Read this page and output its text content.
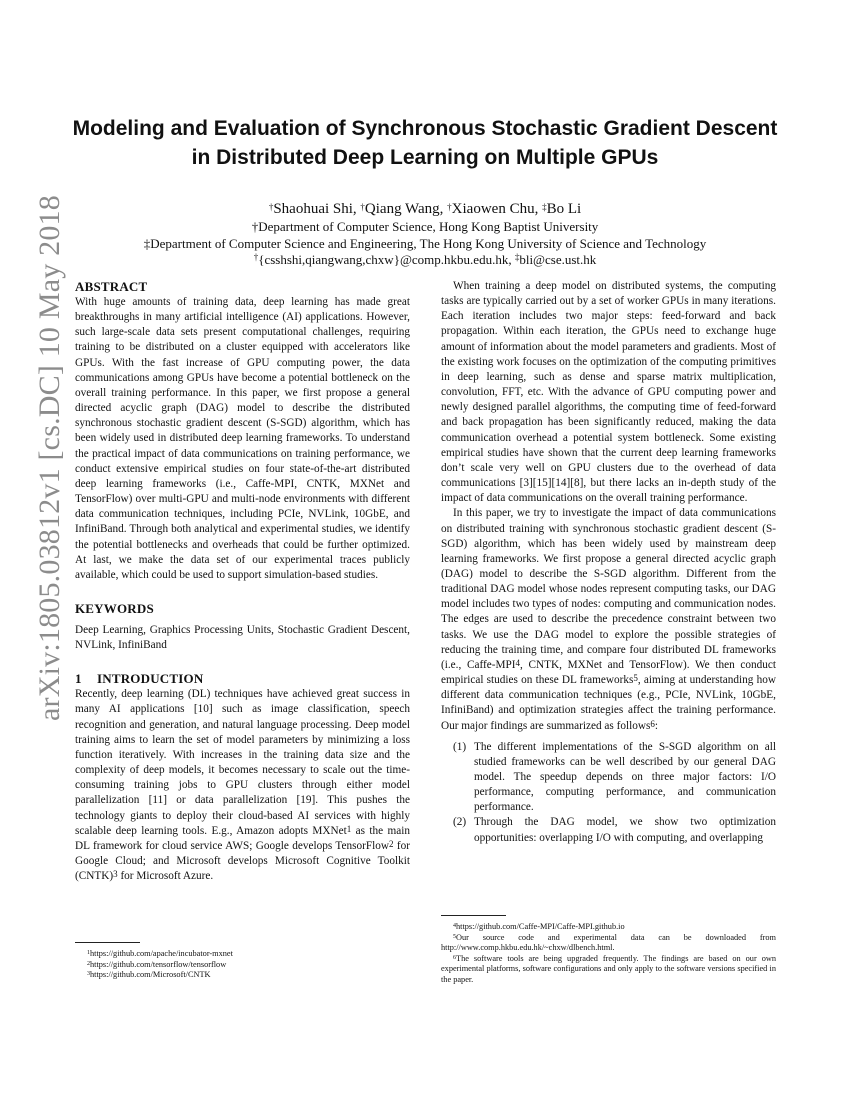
arXiv:1805.03812v1 [cs.DC] 10 May 2018
Modeling and Evaluation of Synchronous Stochastic Gradient Descent in Distributed Deep Learning on Multiple GPUs
†Shaohuai Shi, †Qiang Wang, †Xiaowen Chu, ‡Bo Li
†Department of Computer Science, Hong Kong Baptist University
‡Department of Computer Science and Engineering, The Hong Kong University of Science and Technology
†{csshshi,qiangwang,chxw}@comp.hkbu.edu.hk, ‡bli@cse.ust.hk
ABSTRACT

With huge amounts of training data, deep learning has made great breakthroughs in many artificial intelligence (AI) applications. However, such large-scale data sets present computational challenges, requiring training to be distributed on a cluster equipped with accelerators like GPUs. With the fast increase of GPU computing power, the data communications among GPUs have become a potential bottleneck on the overall training performance. In this paper, we first propose a general directed acyclic graph (DAG) model to describe the distributed synchronous stochastic gradient descent (S-SGD) algorithm, which has been widely used in distributed deep learning frameworks. To understand the practical impact of data communications on training performance, we conduct extensive empirical studies on four state-of-the-art distributed deep learning frameworks (i.e., Caffe-MPI, CNTK, MXNet and TensorFlow) over multi-GPU and multi-node environments with different data communication techniques, including PCIe, NVLink, 10GbE, and InfiniBand. Through both analytical and experimental studies, we identify the potential bottlenecks and overheads that could be further optimized. At last, we make the data set of our experimental traces publicly available, which could be used to support simulation-based studies.

KEYWORDS

Deep Learning, Graphics Processing Units, Stochastic Gradient Descent, NVLink, InfiniBand

1 INTRODUCTION

Recently, deep learning (DL) techniques have achieved great success in many AI applications [10] such as image classification, speech recognition and generation, and natural language processing. Deep model training aims to learn the set of model parameters by minimizing a loss function iteratively. With increases in the training data size and the complexity of deep models, it becomes necessary to scale out the time-consuming training jobs to GPU clusters through either model parallelization [11] or data parallelization [19]. This pushes the technology giants to deploy their cloud-based AI services with highly scalable deep learning tools. E.g., Amazon adopts MXNet$^1$ as the main DL framework for cloud service AWS; Google develops TensorFlow$^2$ for Google Cloud; and Microsoft develops Microsoft Cognitive Toolkit (CNTK)$^3$ for Microsoft Azure.

$^1$https://github.com/apache/incubator-mxnet
$^2$https://github.com/tensorflow/tensorflow
$^3$https://github.com/Microsoft/CNTK

When training a deep model on distributed systems, the computing tasks are typically carried out by a set of worker GPUs in many iterations. Each iteration includes two major steps: feed-forward and back propagation. Within each iteration, the GPUs need to exchange huge amount of information about the model parameters and gradients. Most of the existing work focuses on the optimization of the computing primitives in deep learning, such as dense and sparse matrix multiplication, convolution, FFT, etc. With the advance of GPU computing power and newly designed parallel algorithms, the computing time of feed-forward and back propagation has been significantly reduced, making the data communication overhead a potential system bottleneck. Some existing empirical studies have shown that the current deep learning frameworks don’t scale very well on GPU clusters due to the overhead of data communications [3][15][14][8], but there lacks an in-depth study of the impact of data communications on the overall training performance.

In this paper, we try to investigate the impact of data communications on distributed training with synchronous stochastic gradient descent (S-SGD) algorithm, which has been widely used by mainstream deep learning frameworks. We first propose a general directed acyclic graph (DAG) model to describe the S-SGD algorithm. Different from the traditional DAG model whose nodes represent computing tasks, our DAG model includes two types of nodes: computing and communication nodes. The edges are used to describe the precedence constraint between two tasks. We use the DAG model to explore the possible strategies of reducing the training time, and compare four distributed DL frameworks (i.e., Caffe-MPI$^4$, CNTK, MXNet and TensorFlow). We then conduct empirical studies on these DL frameworks$^5$, aiming at understanding how different data communication techniques (e.g., PCIe, NVLink, 10GbE, InfiniBand) and optimization strategies affect the training performance. Our major findings are summarized as follows$^6$:

(1) The different implementations of the S-SGD algorithm on all studied frameworks can be well described by our general DAG model. The speedup depends on three major factors: I/O performance, computing performance, and communication performance.
(2) Through the DAG model, we show two optimization opportunities: overlapping I/O with computing, and overlapping
$^4$https://github.com/Caffe-MPI/Caffe-MPI.github.io
$^5$Our source code and experimental data can be downloaded from http://www.comp.hkbu.edu.hk/~chxw/dlbench.html.
$^6$The software tools are being upgraded frequently. The findings are based on our own experimental platforms, software configurations and only apply to the software versions specified in the paper.
